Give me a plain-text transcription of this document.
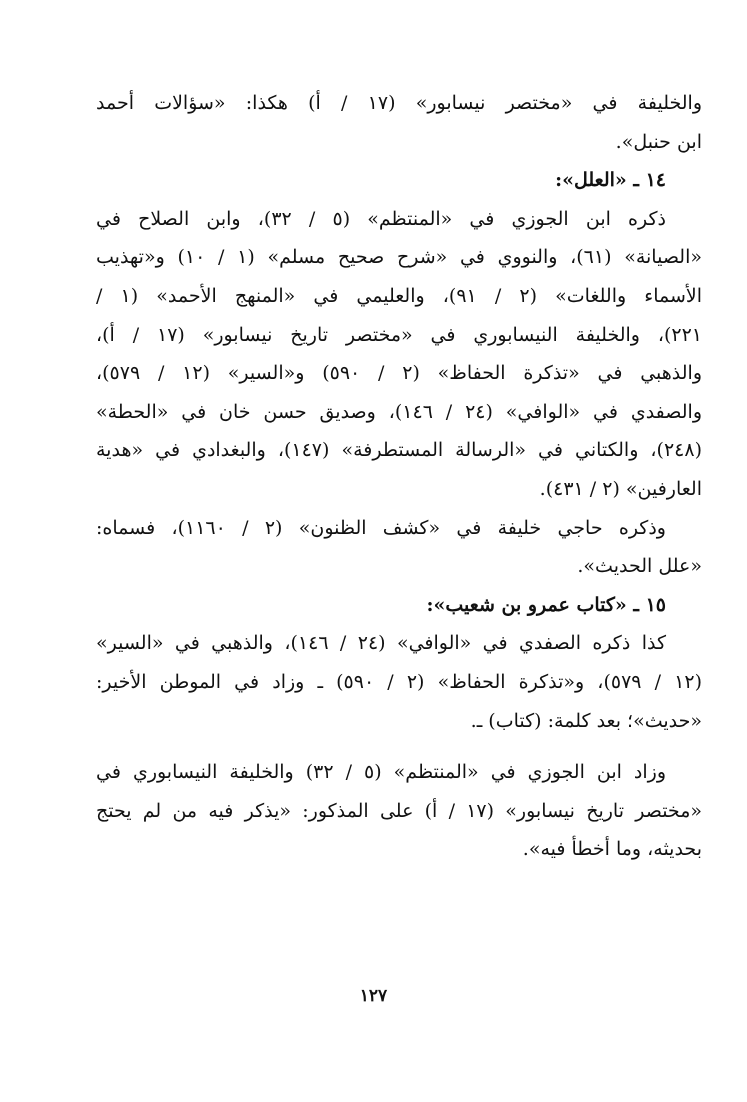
والخليفة في «مختصر نيسابور» (١٧ / أ) هكذا: «سؤالات أحمد
ابن حنبل».
١٤ ـ «العلل»:
ذكره ابن الجوزي في «المنتظم» (٥ / ٣٢)، وابن الصلاح في
«الصيانة» (٦١)، والنووي في «شرح صحيح مسلم» (١ / ١٠) و«تهذيب
الأسماء واللغات» (٢ / ٩١)، والعليمي في «المنهج الأحمد» (١ /
٢٢١)، والخليفة النيسابوري في «مختصر تاريخ نيسابور» (١٧ / أ)،
والذهبي في «تذكرة الحفاظ» (٢ / ٥٩٠) و«السير» (١٢ / ٥٧٩)،
والصفدي في «الوافي» (٢٤ / ١٤٦)، وصديق حسن خان في «الحطة»
(٢٤٨)، والكتاني في «الرسالة المستطرفة» (١٤٧)، والبغدادي في «هدية
العارفين» (٢ / ٤٣١).
وذكره حاجي خليفة في «كشف الظنون» (٢ / ١١٦٠)، فسماه:
«علل الحديث».
١٥ ـ «كتاب عمرو بن شعيب»:
كذا ذكره الصفدي في «الوافي» (٢٤ / ١٤٦)، والذهبي في «السير»
(١٢ / ٥٧٩)، و«تذكرة الحفاظ» (٢ / ٥٩٠) ـ وزاد في الموطن الأخير:
«حديث»؛ بعد كلمة: (كتاب) ـ.
وزاد ابن الجوزي في «المنتظم» (٥ / ٣٢) والخليفة النيسابوري في
«مختصر تاريخ نيسابور» (١٧ / أ) على المذكور: «يذكر فيه من لم يحتج
بحديثه، وما أخطأ فيه».
١٢٧
